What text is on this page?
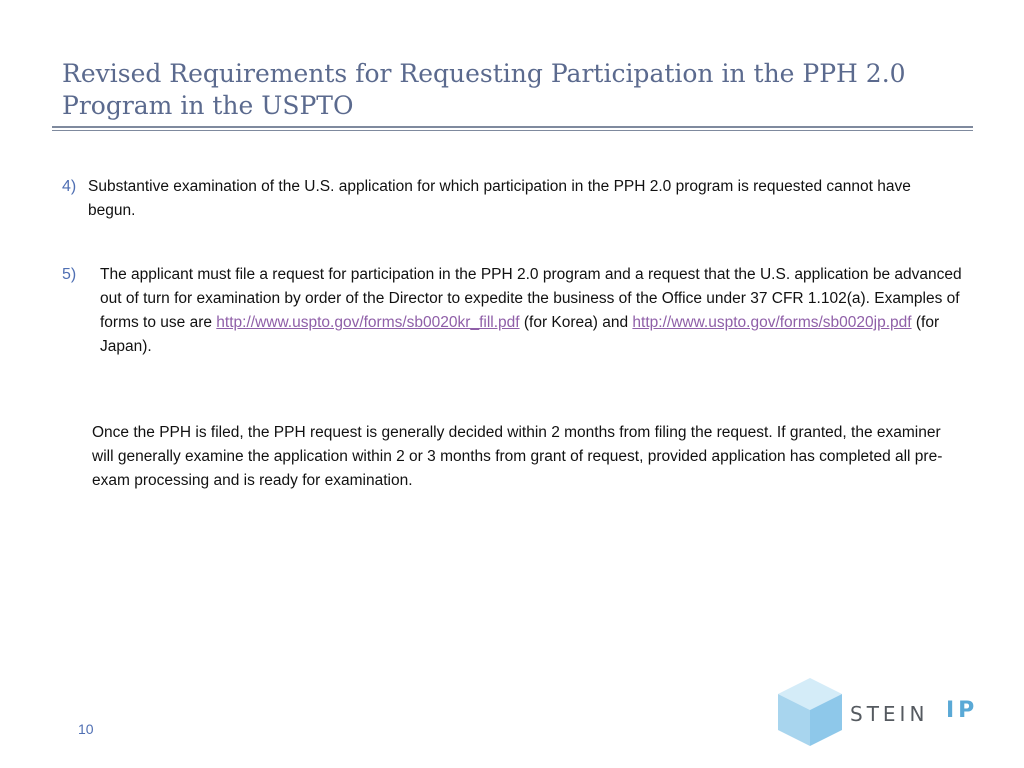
Revised Requirements for Requesting Participation in the PPH 2.0 Program in the USPTO
4) Substantive examination of the U.S. application for which participation in the PPH 2.0 program is requested cannot have begun.
5) The applicant must file a request for participation in the PPH 2.0 program and a request that the U.S. application be advanced out of turn for examination by order of the Director to expedite the business of the Office under 37 CFR 1.102(a). Examples of forms to use are http://www.uspto.gov/forms/sb0020kr_fill.pdf (for Korea) and http://www.uspto.gov/forms/sb0020jp.pdf (for Japan).
Once the PPH is filed, the PPH request is generally decided within 2 months from filing the request. If granted, the examiner will generally examine the application within 2 or 3 months from grant of request, provided application has completed all pre-exam processing and is ready for examination.
10
STEIN IP
